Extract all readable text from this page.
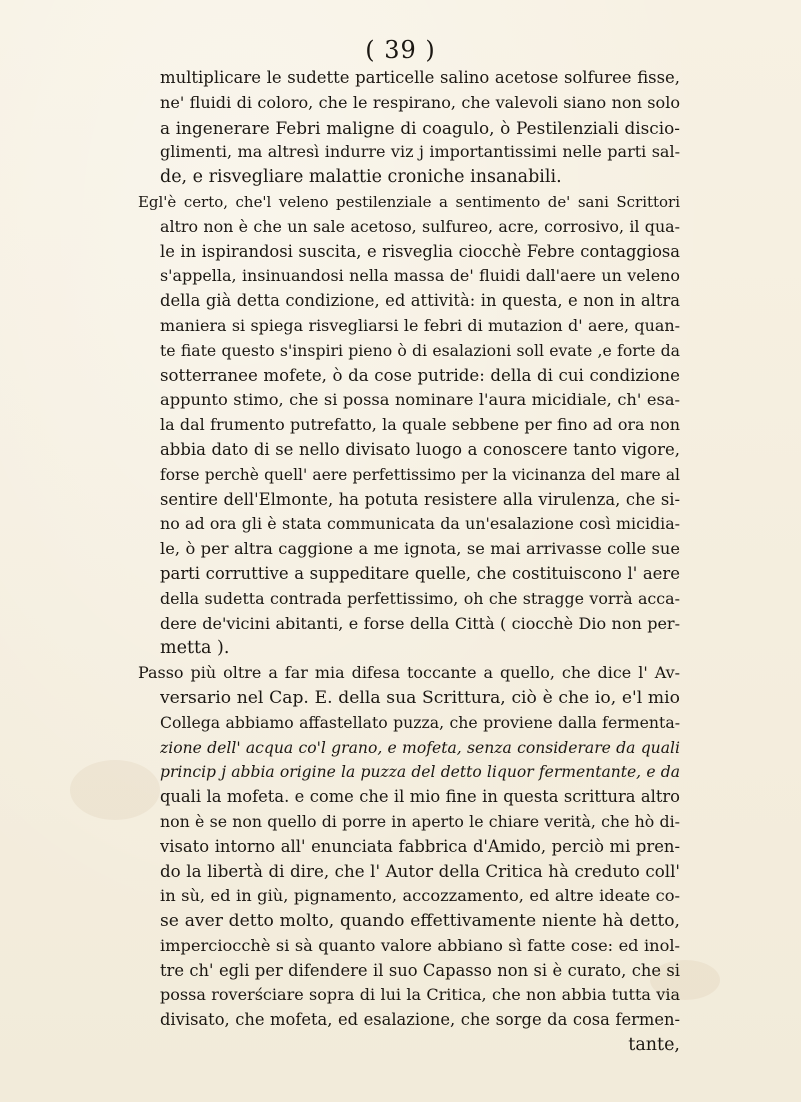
( 39 )
multiplicare le sudette particelle salino acetose solfuree fisse,
ne' fluidi di coloro, che le respirano, che valevoli siano non solo
a ingenerare Febri maligne di coagulo, ò Pestilenziali discio-
glimenti, ma altresì indurre viz j importantissimi nelle parti sal-
de, e risvegliare malattie croniche insanabili.
Egl'è certo, che'l veleno pestilenziale a sentimento de' sani Scrittori
altro non è che un sale acetoso, sulfureo, acre, corrosivo, il qua-
le in ispirandosi suscita, e risveglia ciocchè Febre contaggiosa
s'appella, insinuandosi nella massa de' fluidi dall'aere un veleno
della già detta condizione, ed attività: in questa, e non in altra
maniera si spiega risvegliarsi le febri di mutazion d' aere, quan-
te fiate questo s'inspiri pieno ò di esalazioni soll evate ,e forte da
sotterranee mofete, ò da cose putride: della di cui condizione
appunto stimo, che si possa nominare l'aura micidiale, ch' esa-
la dal frumento putrefatto, la quale sebbene per fino ad ora non
abbia dato di se nello divisato luogo a conoscere tanto vigore,
forse perchè quell' aere perfettissimo per la vicinanza del mare al
sentire dell'Elmonte, ha potuta resistere alla virulenza, che si-
no ad ora gli è stata communicata da un'esalazione così micidia-
le, ò per altra caggione a me ignota, se mai arrivasse colle sue
parti corruttive a suppeditare quelle, che costituiscono l' aere
della sudetta contrada perfettissimo, oh che stragge vorrà acca-
dere de'vicini abitanti, e forse della Città ( ciocchè Dio non per-
metta ).
Passo più oltre a far mia difesa toccante a quello, che dice l' Av-
versario nel Cap. E. della sua Scrittura, ciò è che io, e'l mio
Collega abbiamo affastellato puzza, che proviene dalla fermenta-
zione dell' acqua co'l grano, e mofeta, senza considerare da quali
princip j abbia origine la puzza del detto liquor fermentante, e da
quali la mofeta. e come che il mio fine in questa scrittura altro
non è se non quello di porre in aperto le chiare verità, che hò di-
visato intorno all' enunciata fabbrica d'Amido, perciò mi pren-
do la libertà di dire, che l' Autor della Critica hà creduto coll'
in sù, ed in giù, pignamento, accozzamento, ed altre ideate co-
se aver detto molto, quando effettivamente niente hà detto,
imperciocchè si sà quanto valore abbiano sì fatte cose: ed inol-
tre ch' egli per difendere il suo Capasso non si è curato, che si
possa roverściare sopra di lui la Critica, che non abbia tutta via
divisato, che mofeta, ed esalazione, che sorge da cosa fermen-
tante,
